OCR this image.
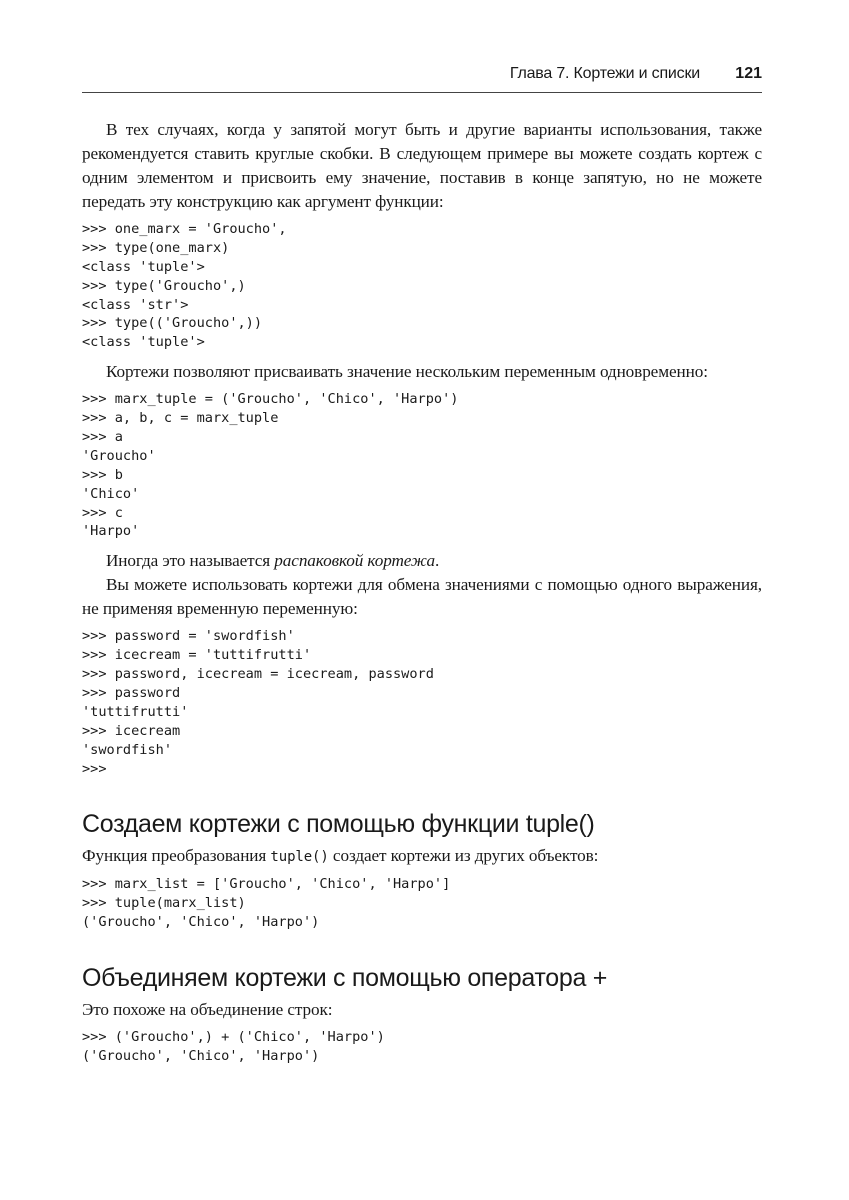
Глава 7. Кортежи и списки 121

В тех случаях, когда у запятой могут быть и другие варианты использования, также рекомендуется ставить круглые скобки. В следующем примере вы можете создать кортеж с одним элементом и присвоить ему значение, поставив в конце запятую, но не можете передать эту конструкцию как аргумент функции:

>>> one_marx = 'Groucho',
>>> type(one_marx)
<class 'tuple'>
>>> type('Groucho',)
<class 'str'>
>>> type(('Groucho',))
<class 'tuple'>

Кортежи позволяют присваивать значение нескольким переменным одновременно:

>>> marx_tuple = ('Groucho', 'Chico', 'Harpo')
>>> a, b, c = marx_tuple
>>> a
'Groucho'
>>> b
'Chico'
>>> c
'Harpo'

Иногда это называется распаковкой кортежа.

Вы можете использовать кортежи для обмена значениями с помощью одного выражения, не применяя временную переменную:

>>> password = 'swordfish'
>>> icecream = 'tuttifrutti'
>>> password, icecream = icecream, password
>>> password
'tuttifrutti'
>>> icecream
'swordfish'
>>>
Создаем кортежи с помощью функции tuple()

Функция преобразования tuple() создает кортежи из других объектов:

>>> marx_list = ['Groucho', 'Chico', 'Harpo']
>>> tuple(marx_list)
('Groucho', 'Chico', 'Harpo')
Объединяем кортежи с помощью оператора +

Это похоже на объединение строк:

>>> ('Groucho',) + ('Chico', 'Harpo')
('Groucho', 'Chico', 'Harpo')
